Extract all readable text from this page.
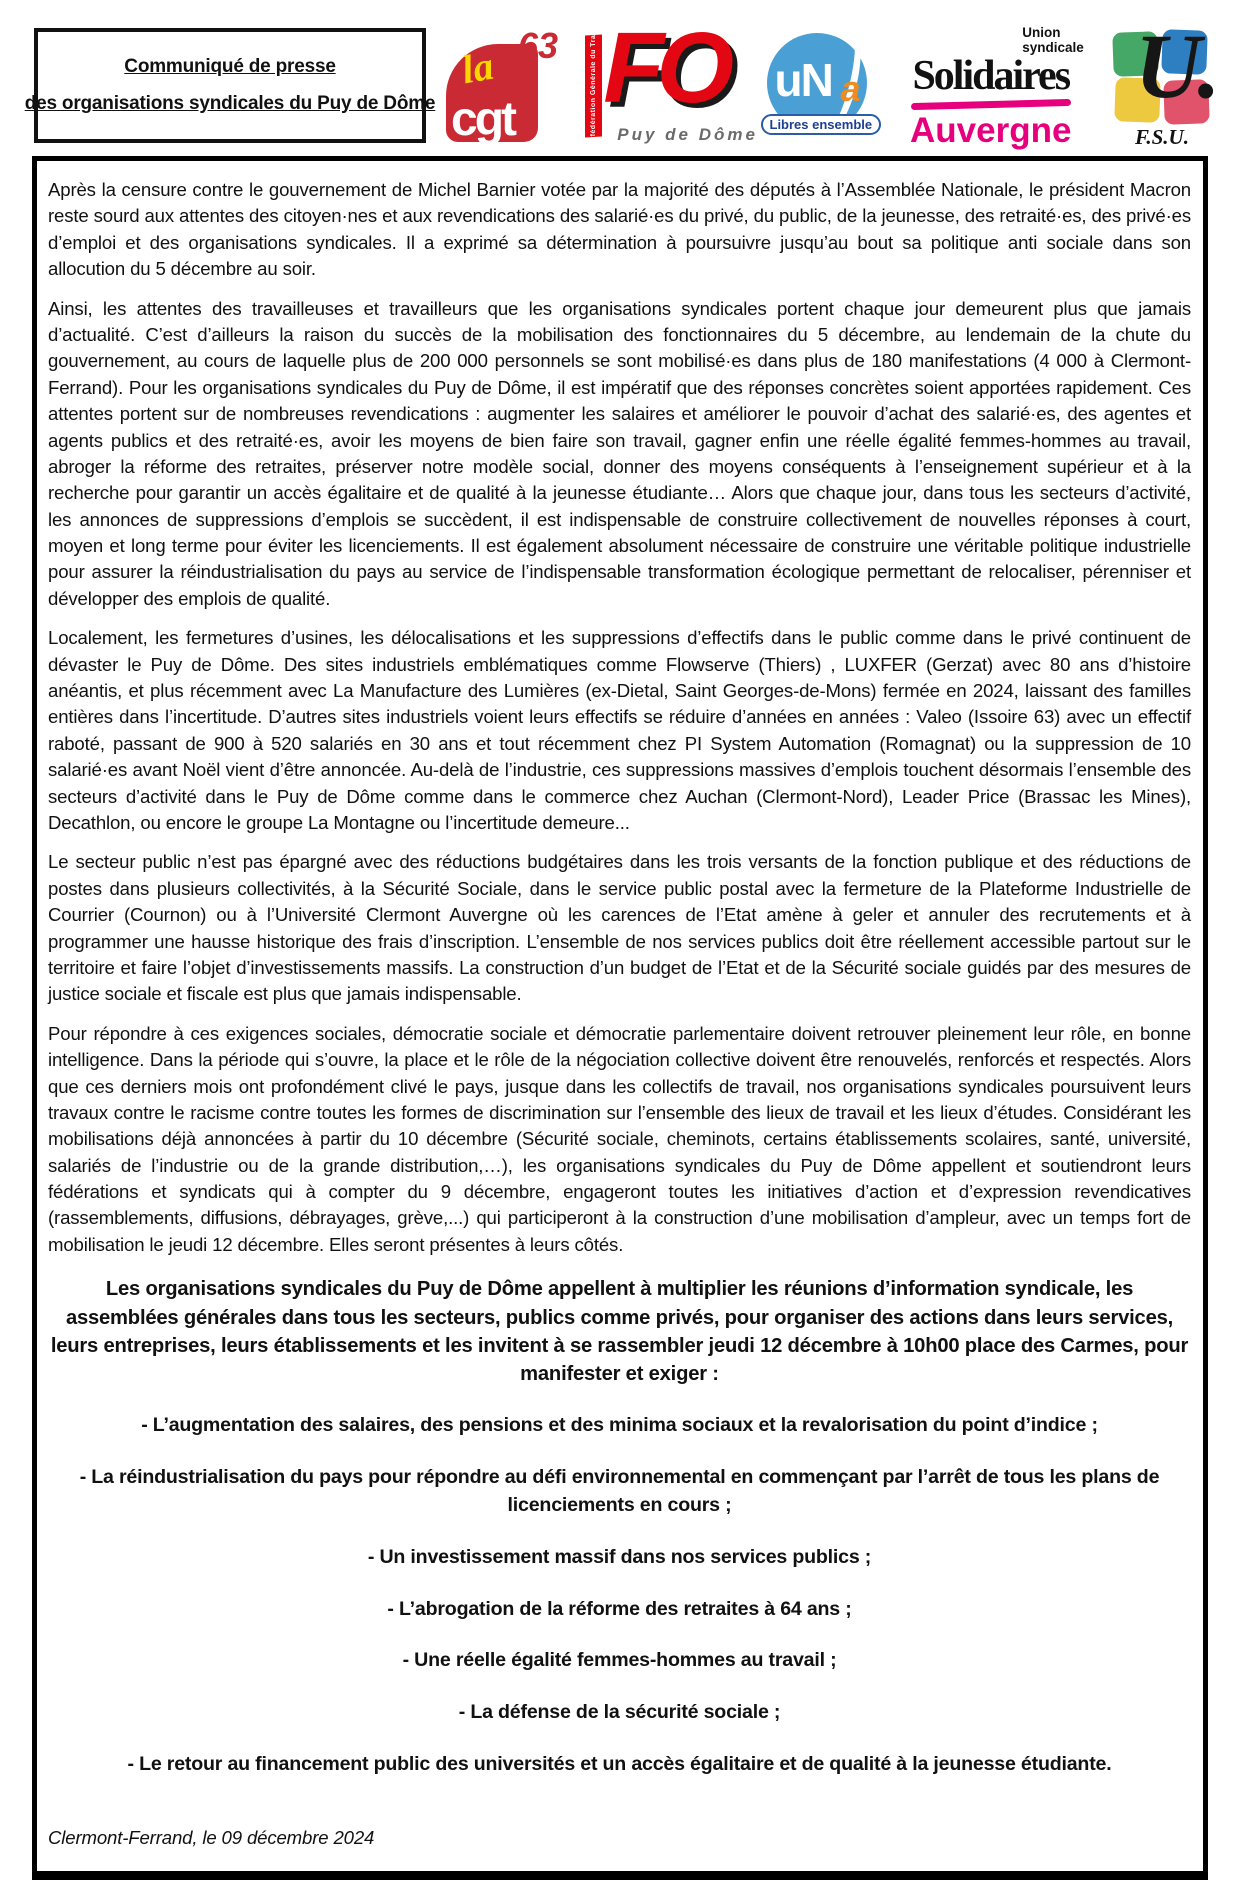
Communiqué de presse
des organisations syndicales du Puy de Dôme
la
cgt
63	Confédération Générale du Travail FO
Puy de Dôme
uN a
Libres ensemble
Union
syndicale
Solidaires
Auvergne
U.
F.S.U.

Après la censure contre le gouvernement de Michel Barnier votée par la majorité des députés à l’Assemblée Nationale, le président Macron reste sourd aux attentes des citoyen·nes et aux revendications des salarié·es du privé, du public, de la jeunesse, des retraité·es, des privé·es d’emploi et des organisations syndicales. Il a exprimé sa détermination à poursuivre jusqu’au bout sa politique anti sociale dans son allocution du 5 décembre au soir.

Ainsi, les attentes des travailleuses et travailleurs que les organisations syndicales portent chaque jour demeurent plus que jamais d’actualité. C’est d’ailleurs la raison du succès de la mobilisation des fonctionnaires du 5 décembre, au lendemain de la chute du gouvernement, au cours de laquelle plus de 200 000 personnels se sont mobilisé·es dans plus de 180 manifestations (4 000 à Clermont-Ferrand). Pour les organisations syndicales du Puy de Dôme, il est impératif que des réponses concrètes soient apportées rapidement. Ces attentes portent sur de nombreuses revendications : augmenter les salaires et améliorer le pouvoir d’achat des salarié·es, des agentes et agents publics et des retraité·es, avoir les moyens de bien faire son travail, gagner enfin une réelle égalité femmes-hommes au travail, abroger la réforme des retraites, préserver notre modèle social, donner des moyens conséquents à l’enseignement supérieur et à la recherche pour garantir un accès égalitaire et de qualité à la jeunesse étudiante… Alors que chaque jour, dans tous les secteurs d’activité, les annonces de suppressions d’emplois se succèdent, il est indispensable de construire collectivement de nouvelles réponses à court, moyen et long terme pour éviter les licenciements. Il est également absolument nécessaire de construire une véritable politique industrielle pour assurer la réindustrialisation du pays au service de l’indispensable transformation écologique permettant de relocaliser, pérenniser et développer des emplois de qualité.

Localement, les fermetures d’usines, les délocalisations et les suppressions d’effectifs dans le public comme dans le privé continuent de dévaster le Puy de Dôme. Des sites industriels emblématiques comme Flowserve (Thiers) , LUXFER (Gerzat) avec 80 ans d’histoire anéantis, et plus récemment avec La Manufacture des Lumières (ex-Dietal, Saint Georges-de-Mons) fermée en 2024, laissant des familles entières dans l’incertitude. D’autres sites industriels voient leurs effectifs se réduire d’années en années : Valeo (Issoire 63) avec un effectif raboté, passant de 900 à 520 salariés en 30 ans et tout récemment chez PI System Automation (Romagnat) ou la suppression de 10 salarié·es avant Noël vient d’être annoncée. Au-delà de l’industrie, ces suppressions massives d’emplois touchent désormais l’ensemble des secteurs d’activité dans le Puy de Dôme comme dans le commerce chez Auchan (Clermont-Nord), Leader Price (Brassac les Mines), Decathlon, ou encore le groupe La Montagne ou l’incertitude demeure...

Le secteur public n’est pas épargné avec des réductions budgétaires dans les trois versants de la fonction publique et des réductions de postes dans plusieurs collectivités, à la Sécurité Sociale, dans le service public postal avec la fermeture de la Plateforme Industrielle de Courrier (Cournon) ou à l’Université Clermont Auvergne où les carences de l’Etat amène à geler et annuler des recrutements et à programmer une hausse historique des frais d’inscription. L’ensemble de nos services publics doit être réellement accessible partout sur le territoire et faire l’objet d’investissements massifs. La construction d’un budget de l’Etat et de la Sécurité sociale guidés par des mesures de justice sociale et fiscale est plus que jamais indispensable.

Pour répondre à ces exigences sociales, démocratie sociale et démocratie parlementaire doivent retrouver pleinement leur rôle, en bonne intelligence. Dans la période qui s’ouvre, la place et le rôle de la négociation collective doivent être renouvelés, renforcés et respectés. Alors que ces derniers mois ont profondément clivé le pays, jusque dans les collectifs de travail, nos organisations syndicales poursuivent leurs travaux contre le racisme contre toutes les formes de discrimination sur l’ensemble des lieux de travail et les lieux d’études. Considérant les mobilisations déjà annoncées à partir du 10 décembre (Sécurité sociale, cheminots, certains établissements scolaires, santé, université, salariés de l’industrie ou de la grande distribution,…), les organisations syndicales du Puy de Dôme appellent et soutiendront leurs fédérations et syndicats qui à compter du 9 décembre, engageront toutes les initiatives d’action et d’expression revendicatives (rassemblements, diffusions, débrayages, grève,...) qui participeront à la construction d’une mobilisation d’ampleur, avec un temps fort de mobilisation le jeudi 12 décembre. Elles seront présentes à leurs côtés.

Les organisations syndicales du Puy de Dôme appellent à multiplier les réunions d’information syndicale, les assemblées générales dans tous les secteurs, publics comme privés, pour organiser des actions dans leurs services, leurs entreprises, leurs établissements et les invitent à se rassembler jeudi 12 décembre à 10h00 place des Carmes, pour manifester et exiger :

- L’augmentation des salaires, des pensions et des minima sociaux et la revalorisation du point d’indice ;

- La réindustrialisation du pays pour répondre au défi environnemental en commençant par l’arrêt de tous les plans de licenciements en cours ;

- Un investissement massif dans nos services publics ;

- L’abrogation de la réforme des retraites à 64 ans ;

- Une réelle égalité femmes-hommes au travail ;

- La défense de la sécurité sociale ;

- Le retour au financement public des universités et un accès égalitaire et de qualité à la jeunesse étudiante.

Clermont-Ferrand, le 09 décembre 2024
